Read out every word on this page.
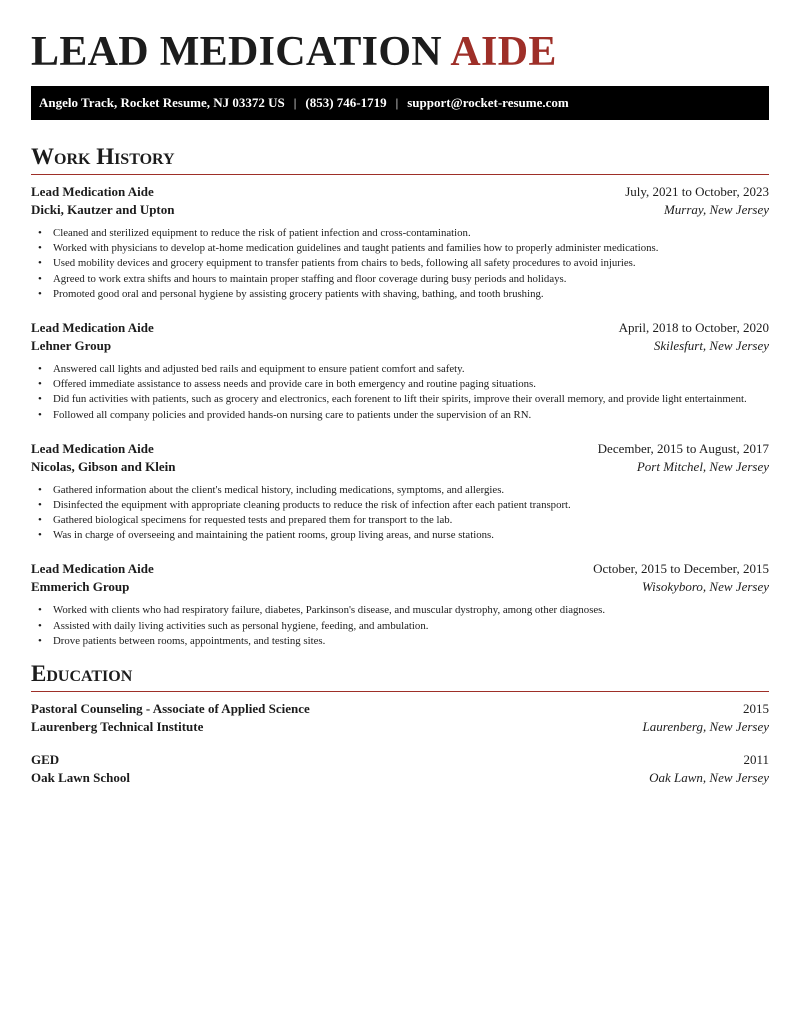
LEAD MEDICATION AIDE
Angelo Track, Rocket Resume, NJ 03372 US | (853) 746-1719 | support@rocket-resume.com
Work History
Lead Medication Aide	July, 2021 to October, 2023
Dicki, Kautzer and Upton	Murray, New Jersey
• Cleaned and sterilized equipment to reduce the risk of patient infection and cross-contamination.
• Worked with physicians to develop at-home medication guidelines and taught patients and families how to properly administer medications.
• Used mobility devices and grocery equipment to transfer patients from chairs to beds, following all safety procedures to avoid injuries.
• Agreed to work extra shifts and hours to maintain proper staffing and floor coverage during busy periods and holidays.
• Promoted good oral and personal hygiene by assisting grocery patients with shaving, bathing, and tooth brushing.
Lead Medication Aide	April, 2018 to October, 2020
Lehner Group	Skilesfurt, New Jersey
• Answered call lights and adjusted bed rails and equipment to ensure patient comfort and safety.
• Offered immediate assistance to assess needs and provide care in both emergency and routine paging situations.
• Did fun activities with patients, such as grocery and electronics, each forenent to lift their spirits, improve their overall memory, and provide light entertainment.
• Followed all company policies and provided hands-on nursing care to patients under the supervision of an RN.
Lead Medication Aide	December, 2015 to August, 2017
Nicolas, Gibson and Klein	Port Mitchel, New Jersey
• Gathered information about the client's medical history, including medications, symptoms, and allergies.
• Disinfected the equipment with appropriate cleaning products to reduce the risk of infection after each patient transport.
• Gathered biological specimens for requested tests and prepared them for transport to the lab.
• Was in charge of overseeing and maintaining the patient rooms, group living areas, and nurse stations.
Lead Medication Aide	October, 2015 to December, 2015
Emmerich Group	Wisokyboro, New Jersey
• Worked with clients who had respiratory failure, diabetes, Parkinson's disease, and muscular dystrophy, among other diagnoses.
• Assisted with daily living activities such as personal hygiene, feeding, and ambulation.
• Drove patients between rooms, appointments, and testing sites.
Education
Pastoral Counseling - Associate of Applied Science	2015
Laurenberg Technical Institute	Laurenberg, New Jersey
GED	2011
Oak Lawn School	Oak Lawn, New Jersey
